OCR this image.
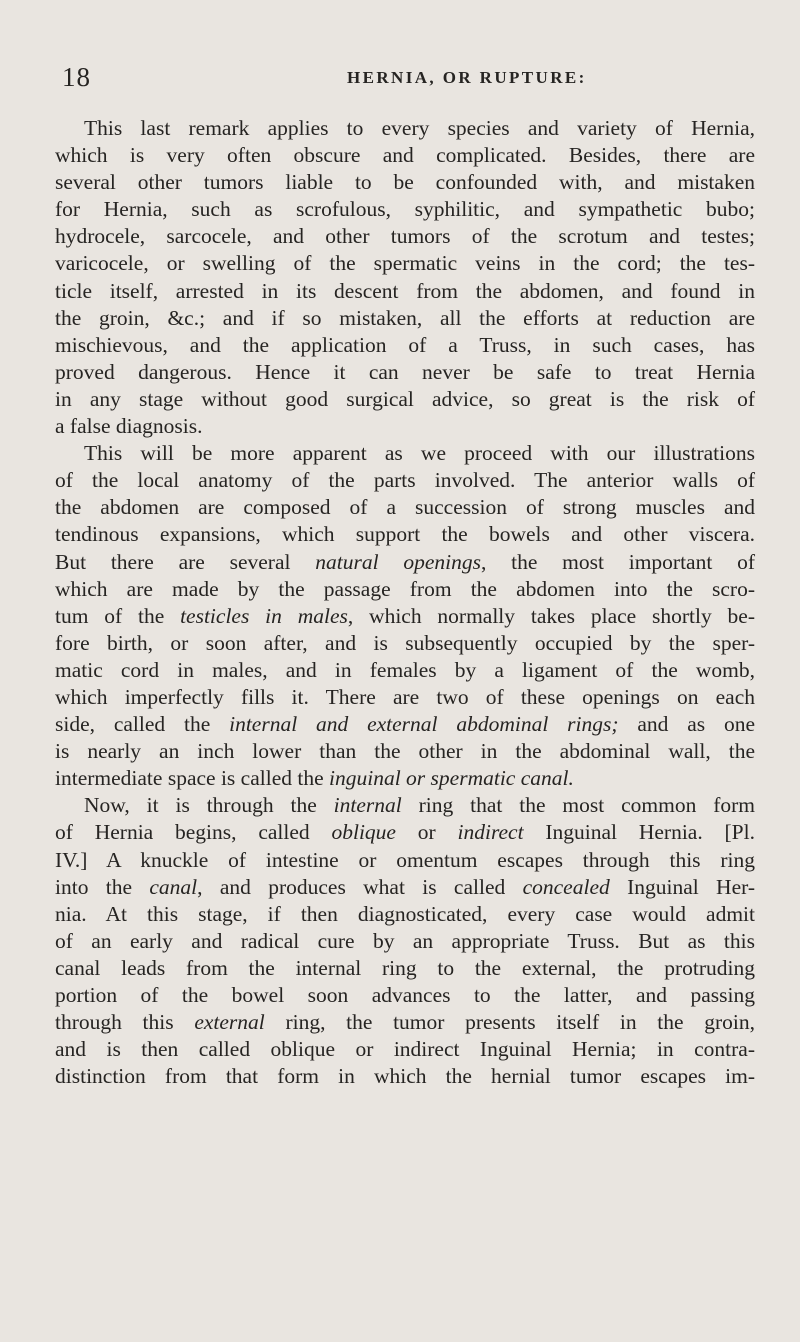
18	HERNIA, OR RUPTURE:
This last remark applies to every species and variety of Hernia,
which is very often obscure and complicated. Besides, there are
several other tumors liable to be confounded with, and mistaken
for Hernia, such as scrofulous, syphilitic, and sympathetic bubo;
hydrocele, sarcocele, and other tumors of the scrotum and testes;
varicocele, or swelling of the spermatic veins in the cord; the tes-
ticle itself, arrested in its descent from the abdomen, and found in
the groin, &c.; and if so mistaken, all the efforts at reduction are
mischievous, and the application of a Truss, in such cases, has
proved dangerous. Hence it can never be safe to treat Hernia
in any stage without good surgical advice, so great is the risk of
a false diagnosis.
This will be more apparent as we proceed with our illustrations
of the local anatomy of the parts involved. The anterior walls of
the abdomen are composed of a succession of strong muscles and
tendinous expansions, which support the bowels and other viscera.
But there are several natural openings, the most important of
which are made by the passage from the abdomen into the scro-
tum of the testicles in males, which normally takes place shortly be-
fore birth, or soon after, and is subsequently occupied by the sper-
matic cord in males, and in females by a ligament of the womb,
which imperfectly fills it. There are two of these openings on each
side, called the internal and external abdominal rings; and as one
is nearly an inch lower than the other in the abdominal wall, the
intermediate space is called the inguinal or spermatic canal.
Now, it is through the internal ring that the most common form
of Hernia begins, called oblique or indirect Inguinal Hernia. [Pl.
IV.] A knuckle of intestine or omentum escapes through this ring
into the canal, and produces what is called concealed Inguinal Her-
nia. At this stage, if then diagnosticated, every case would admit
of an early and radical cure by an appropriate Truss. But as this
canal leads from the internal ring to the external, the protruding
portion of the bowel soon advances to the latter, and passing
through this external ring, the tumor presents itself in the groin,
and is then called oblique or indirect Inguinal Hernia; in contra-
distinction from that form in which the hernial tumor escapes im-
